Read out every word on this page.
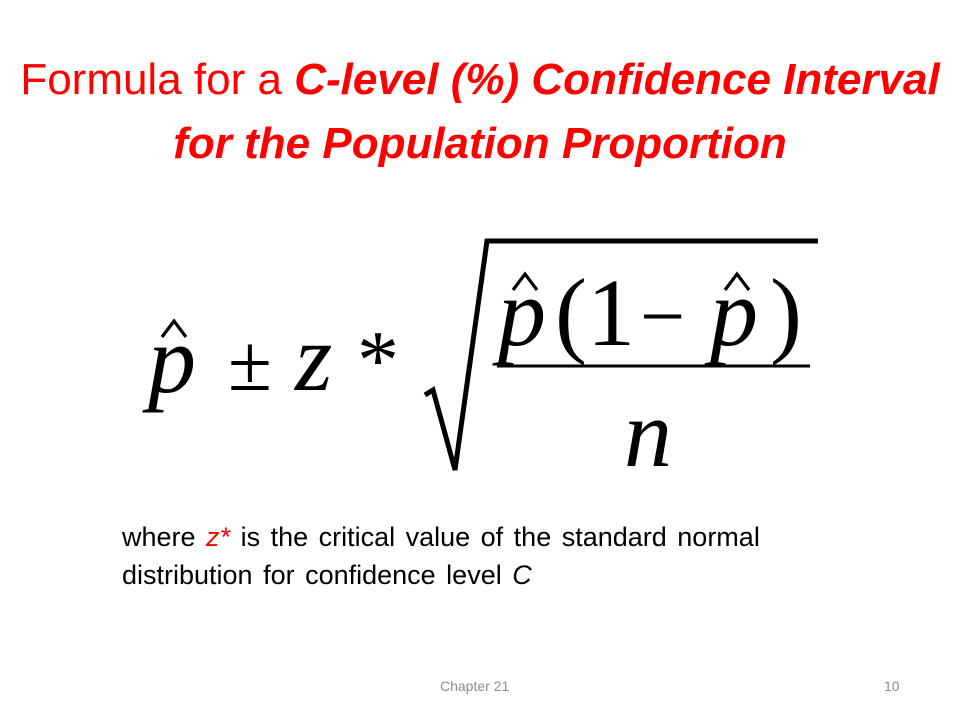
Formula for a C-level (%) Confidence Interval for the Population Proportion
p ± z * p (1 − p )
n
where z* is the critical value of the standard normal distribution for confidence level C
Chapter 21	10
